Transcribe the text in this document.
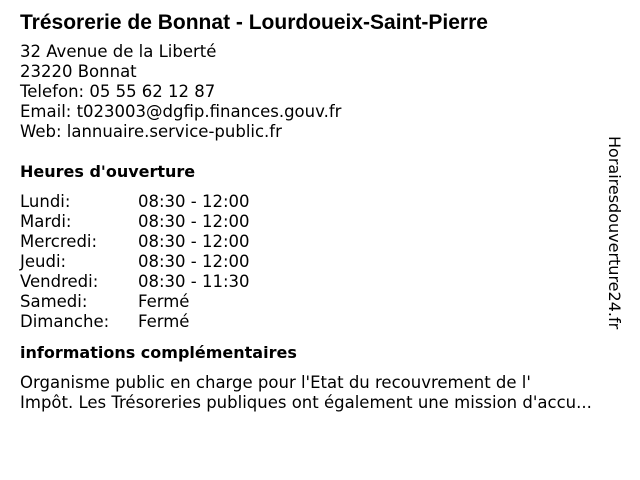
Trésorerie de Bonnat - Lourdoueix-Saint-Pierre
32 Avenue de la Liberté
23220 Bonnat
Telefon: 05 55 62 12 87
Email: t023003@dgfip.finances.gouv.fr
Web: lannuaire.service-public.fr
Heures d'ouverture
Lundi:	08:30 - 12:00
Mardi:	08:30 - 12:00
Mercredi:	08:30 - 12:00
Jeudi:	08:30 - 12:00
Vendredi:	08:30 - 11:30
Samedi:	Fermé
Dimanche:	Fermé
informations complémentaires
Organisme public en charge pour l'Etat du recouvrement de l'
Impôt. Les Trésoreries publiques ont également une mission d'accu...
Horairesdouverture24.fr
